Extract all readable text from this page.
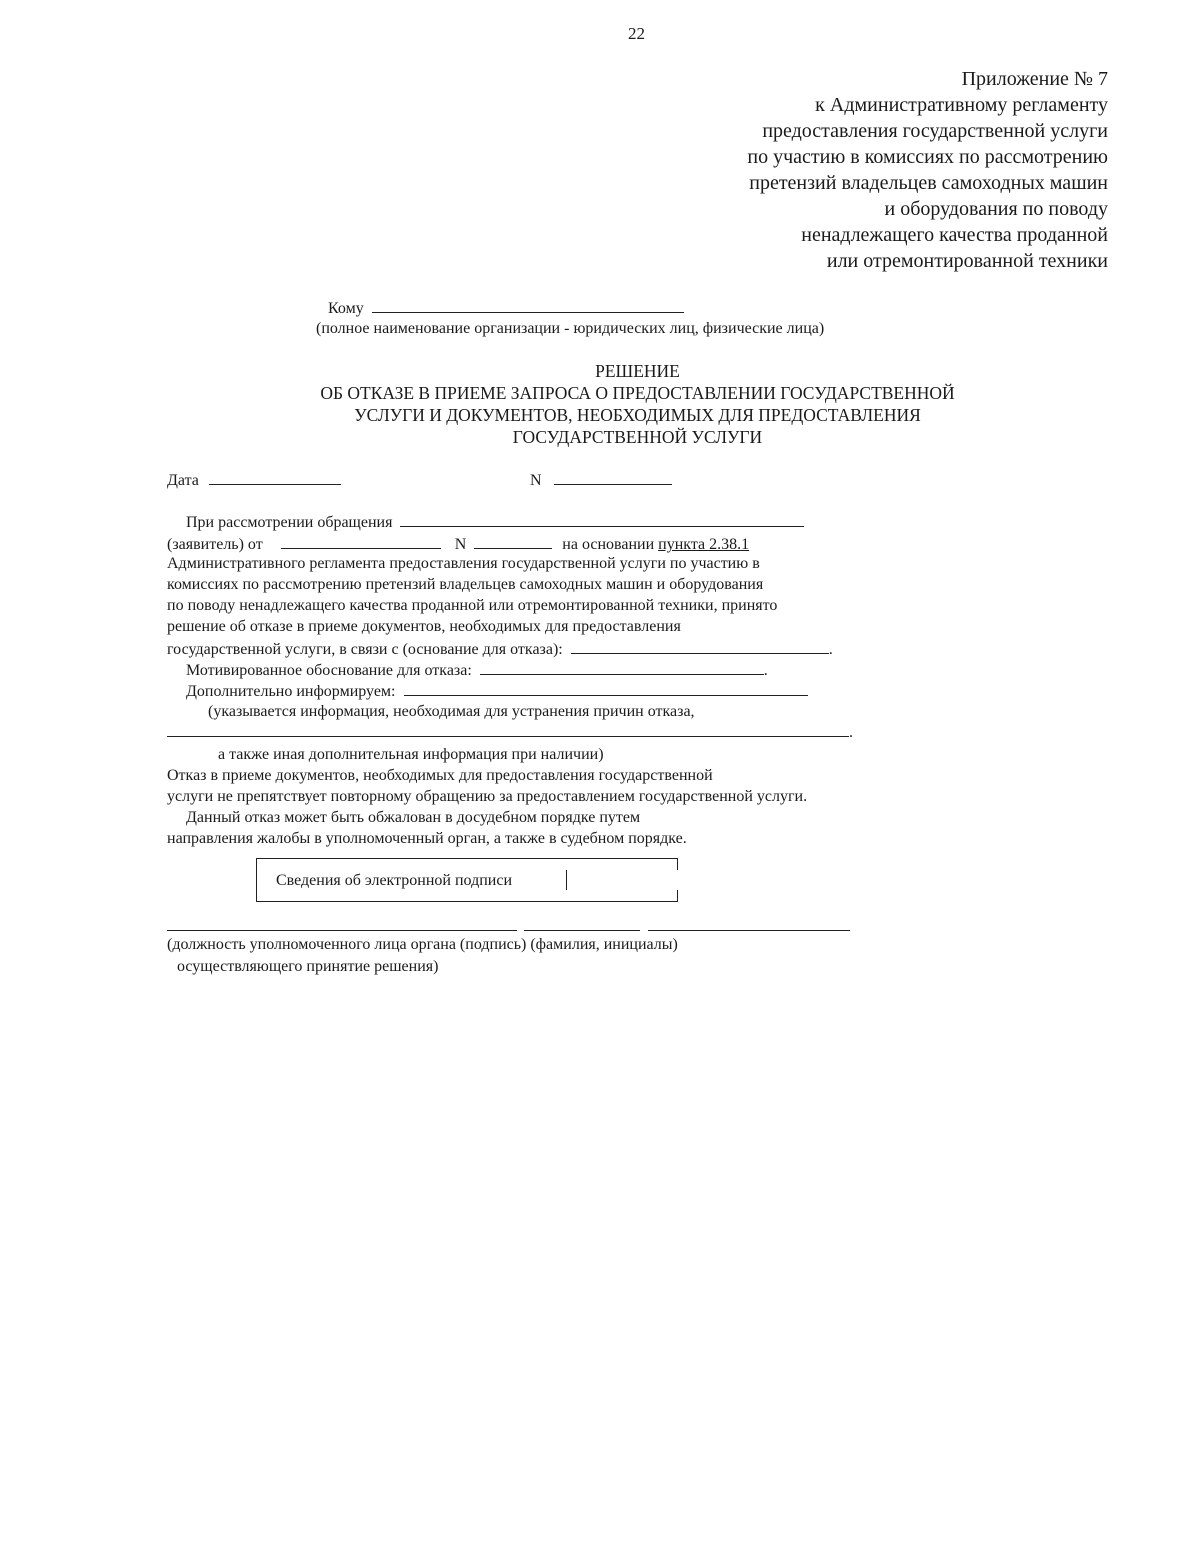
22
Приложение № 7
к Административному регламенту
предоставления государственной услуги
по участию в комиссиях по рассмотрению
претензий владельцев самоходных машин
и оборудования по поводу
ненадлежащего качества проданной
или отремонтированной техники
Кому
(полное наименование организации - юридических лиц, физические лица)
РЕШЕНИЕ
ОБ ОТКАЗЕ В ПРИЕМЕ ЗАПРОСА О ПРЕДОСТАВЛЕНИИ ГОСУДАРСТВЕННОЙ
УСЛУГИ И ДОКУМЕНТОВ, НЕОБХОДИМЫХ ДЛЯ ПРЕДОСТАВЛЕНИЯ
ГОСУДАРСТВЕННОЙ УСЛУГИ
Дата	N
При рассмотрении обращения
(заявитель) от	N	на основании пункта 2.38.1
Административного регламента предоставления государственной услуги по участию в
комиссиях по рассмотрению претензий владельцев самоходных машин и оборудования
по поводу ненадлежащего качества проданной или отремонтированной техники, принято
решение об отказе в приеме документов, необходимых для предоставления
государственной услуги, в связи с (основание для отказа):	.
Мотивированное обоснование для отказа:	.
Дополнительно информируем:
(указывается информация, необходимая для устранения причин отказа,
.
а также иная дополнительная информация при наличии)
Отказ в приеме документов, необходимых для предоставления государственной
услуги не препятствует повторному обращению за предоставлением государственной услуги.
Данный отказ может быть обжалован в досудебном порядке путем
направления жалобы в уполномоченный орган, а также в судебном порядке.
Сведения об электронной подписи
(должность уполномоченного лица органа (подпись) (фамилия, инициалы)
осуществляющего принятие решения)
